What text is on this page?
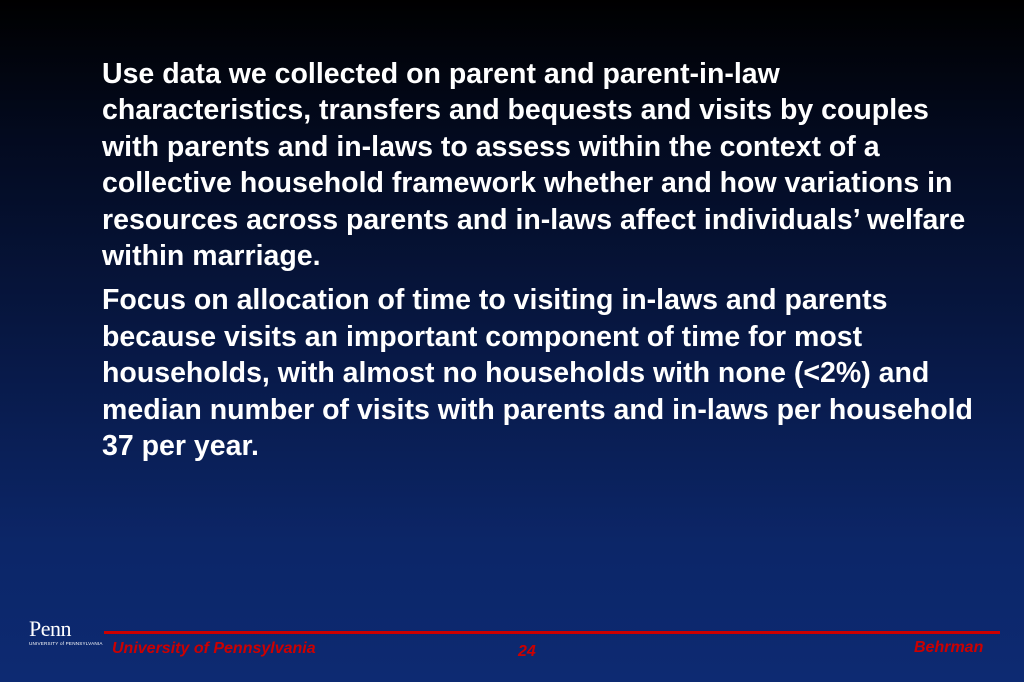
Use data we collected on parent and parent-in-law characteristics, transfers and bequests and visits by couples with parents and in-laws to assess within the context of a collective household framework whether and how variations in resources across parents and in-laws affect individuals’ welfare within marriage.

Focus on allocation of time to visiting in-laws and parents because visits an important component of time for most households, with almost no households with none (<2%) and median number of visits with parents and in-laws per household 37 per year.

Penn
UNIVERSITY of PENNSYLVANIA University of Pennsylvania	24	Behrman
